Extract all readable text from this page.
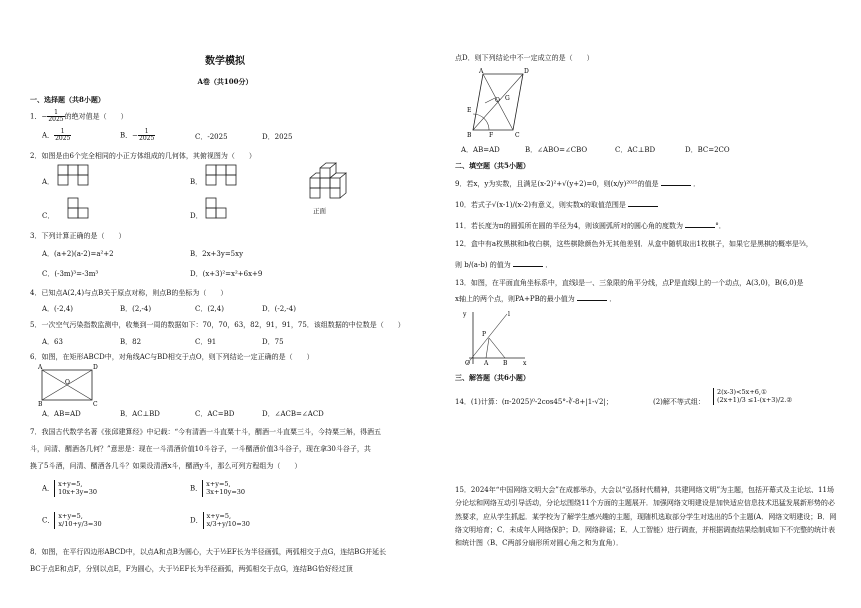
数学模拟
A卷（共100分）
一、选择题（共8小题）
1．− $\frac{1}{2025}$ 的绝对值是（　　）
A． $\frac{1}{2025}$	B．− $\frac{1}{2025}$	C．-2025	D．2025
2．如图是由6个完全相同的小正方体组成的几何体，其俯视图为（　　）
A．	B．
C．	D．
正面
3．下列计算正确的是（　　）
A．(a+2)(a-2)=a²+2	B．2x+3y=5xy
C．(-3m)³=-3m³	D．(x+3)²=x²+6x+9
4．已知点A(2,4)与点B关于原点对称，则点B的坐标为（　　）
A．(-2,4)	B．(2,-4)	C．(2,4)	D．(-2,-4)
5．一次空气污染指数监测中，收集到一周的数据如下：70，70，63，82，91，91，75．该组数据的中位数是（　　）
A．63	B．82	C．91	D．75
6．如图，在矩形ABCD中，对角线AC与BD相交于点O，则下列结论一定正确的是（　　）
A	D
O
B	C
A．AB=AD	B．AC⊥BD	C．AC=BD	D．∠ACB=∠ACD
7．我国古代数学名著《张邱建算经》中记载：“今有清酒一斗直粟十斗，醑酒一斗直粟三斗，今持粟三斛，得酒五
斗，问清、醑酒各几何？”意思是：现在一斗清酒价值10斗谷子，一斗醑酒价值3斗谷子，现在拿30斗谷子，共
换了5斗酒，问清、醑酒各几斗？如果设清酒x斗，醑酒y斗，那么可列方程组为（　　）
A．x+y=5,
10x+3y=30	B．x+y=5,
3x+10y=30
C．x+y=5,
x/10+y/3=30	D．x+y=5,
x/3+y/10=30
8．如图，在平行四边形ABCD中，以点A和点B为圆心，大于½EF长为半径画弧，两弧相交于点G，连结BG并延长
BC于点E和点F，分别以点E，F为圆心，大于½EF长为半径画弧，两弧相交于点G，连结BG恰好经过顶
点D．则下列结论中不一定成立的是（　　）
A	D
E
G
O
B	F	C
A．AB=AD	B．∠ABO=∠CBO	C．AC⊥BD	D．BC=2CO
二、填空题（共5小题）
9．若x，y为实数，且满足(x-2)²+√(y+2)=0，则(x/y)²⁰²⁵的值是	．
10．若式子√(x-1)/(x-2)有意义，则实数x的取值范围是
11．若长度为π的圆弧所在圆的半径为4，则该圆弧所对的圆心角的度数为	°．
12．盒中有a枚黑棋和b枚白棋，这些棋除颜色外无其他差别．从盒中随机取出1枚棋子，如果它是黑棋的概率是⅔，
则 b/(a-b) 的值为	．
13．如图，在平面直角坐标系中，直线l是一、三象限的角平分线，点P是直线l上的一个动点，A(3,0)，B(6,0)是
x轴上的两个点，则PA+PB的最小值为	．
y	l
P
O A B	x
三、解答题（共6小题）
14．(1)计算：(π-2025)⁰-2cos45°-∛-8+|1-√2|；	(2)解不等式组：
2(x-3)<5x+6,①
(2x+1)/3 ≤1-(x+3)/2.②
15．2024年“中国网络文明大会”在成都举办，大会以“弘扬时代精神，共建网络文明”为主题，包括开幕式及主论坛、11场分论坛和网络互动引导活动，分论坛围绕11个方面的主题展开．加强网络文明建设是加快适应信息技术迅猛发展新形势的必然要求，应从学生抓起．某学校为了解学生感兴趣的主题，现随机选取部分学生对选出的5个主题(A．网络文明建设；B．网络文明培育；C．未成年人网络保护；D．网络辟谣；E．人工智能）进行调查，并根据调查结果绘制成如下不完整的统计表和统计图（B、C两部分扇形所对圆心角之和为直角）．
